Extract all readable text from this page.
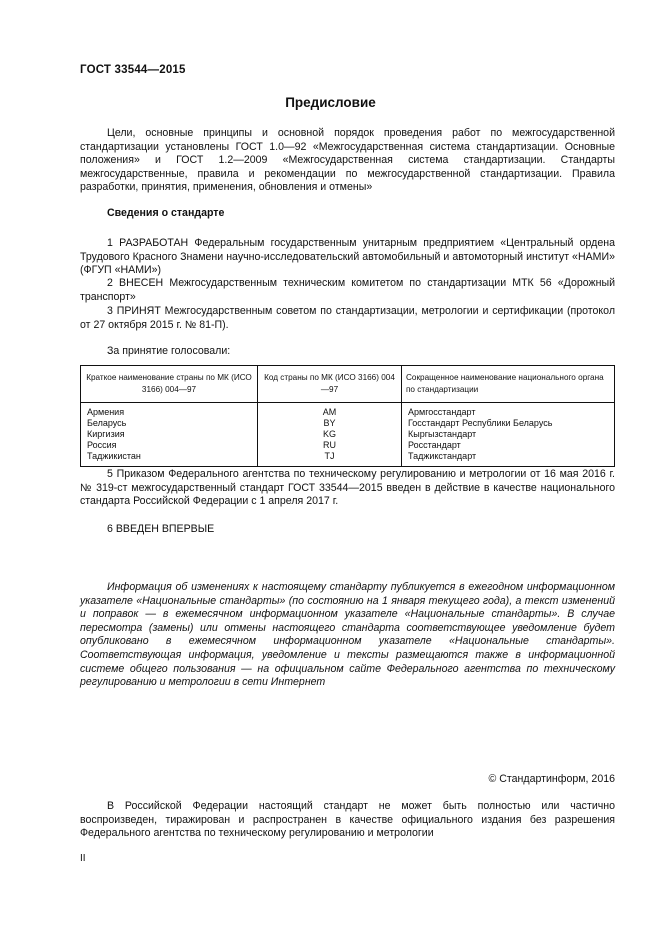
ГОСТ 33544—2015
Предисловие

Цели, основные принципы и основной порядок проведения работ по межгосударственной стандартизации установлены ГОСТ 1.0—92 «Межгосударственная система стандартизации. Основные положения» и ГОСТ 1.2—2009 «Межгосударственная система стандартизации. Стандарты межгосударственные, правила и рекомендации по межгосударственной стандартизации. Правила разработки, принятия, применения, обновления и отмены»

Сведения о стандарте

1 РАЗРАБОТАН Федеральным государственным унитарным предприятием «Центральный ордена Трудового Красного Знамени научно-исследовательский автомобильный и автомоторный институт «НАМИ» (ФГУП «НАМИ»)

2 ВНЕСЕН Межгосударственным техническим комитетом по стандартизации МТК 56 «Дорожный транспорт»

3 ПРИНЯТ Межгосударственным советом по стандартизации, метрологии и сертификации (протокол от 27 октября 2015 г. № 81-П).

За принятие голосовали:
Краткое наименование страны по МК (ИСО 3166) 004—97	Код страны по МК (ИСО 3166) 004—97	Сокращенное наименование национального органа по стандартизации
Армения	AM	Армгосстандарт
Беларусь	BY	Госстандарт Республики Беларусь
Киргизия	KG	Кыргызстандарт
Россия	RU	Росстандарт
Таджикистан	TJ	Таджикстандарт

5 Приказом Федерального агентства по техническому регулированию и метрологии от 16 мая 2016 г. № 319-ст межгосударственный стандарт ГОСТ 33544—2015 введен в действие в качестве национального стандарта Российской Федерации с 1 апреля 2017 г.

6 ВВЕДЕН ВПЕРВЫЕ

Информация об изменениях к настоящему стандарту публикуется в ежегодном информационном указателе «Национальные стандарты» (по состоянию на 1 января текущего года), а текст изменений и поправок — в ежемесячном информационном указателе «Национальные стандарты». В случае пересмотра (замены) или отмены настоящего стандарта соответствующее уведомление будет опубликовано в ежемесячном информационном указателе «Национальные стандарты». Соответствующая информация, уведомление и тексты размещаются также в информационной системе общего пользования — на официальном сайте Федерального агентства по техническому регулированию и метрологии в сети Интернет

© Стандартинформ, 2016

В Российской Федерации настоящий стандарт не может быть полностью или частично воспроизведен, тиражирован и распространен в качестве официального издания без разрешения Федерального агентства по техническому регулированию и метрологии

II
